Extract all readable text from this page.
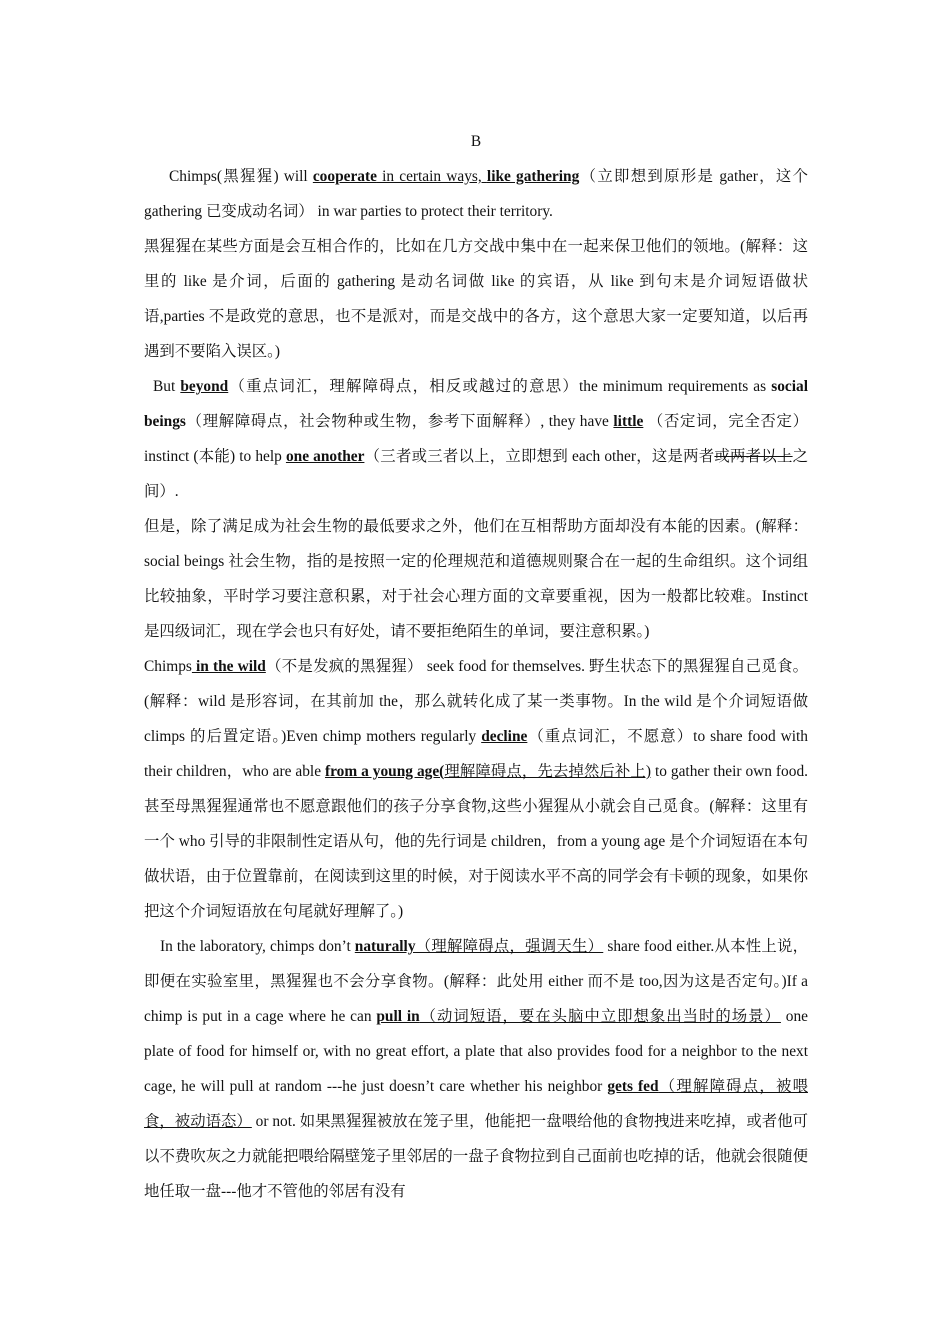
B

Chimps(黑猩猩) will cooperate in certain ways, like gathering（立即想到原形是 gather，这个 gathering 已变成动名词） in war parties to protect their territory.

黑猩猩在某些方面是会互相合作的，比如在几方交战中集中在一起来保卫他们的领地。(解释：这里的 like 是介词，后面的 gathering 是动名词做 like 的宾语，从 like 到句末是介词短语做状语,parties 不是政党的意思，也不是派对，而是交战中的各方，这个意思大家一定要知道，以后再遇到不要陷入误区。)

But beyond（重点词汇，理解障碍点，相反或越过的意思）the minimum requirements as social beings（理解障碍点，社会物种或生物，参考下面解释）, they have little （否定词，完全否定）instinct (本能) to help one another（三者或三者以上，立即想到 each other，这是两者或两者以上之间）.

但是，除了满足成为社会生物的最低要求之外，他们在互相帮助方面却没有本能的因素。(解释：social beings 社会生物，指的是按照一定的伦理规范和道德规则聚合在一起的生命组织。这个词组比较抽象，平时学习要注意积累，对于社会心理方面的文章要重视，因为一般都比较难。Instinct 是四级词汇，现在学会也只有好处，请不要拒绝陌生的单词，要注意积累。)

Chimps in the wild（不是发疯的黑猩猩） seek food for themselves. 野生状态下的黑猩猩自己觅食。(解释：wild 是形容词，在其前加 the，那么就转化成了某一类事物。In the wild 是个介词短语做 climps 的后置定语。)Even chimp mothers regularly decline（重点词汇，不愿意）to share food with their children，who are able from a young age(理解障碍点，先去掉然后补上) to gather their own food. 甚至母黑猩猩通常也不愿意跟他们的孩子分享食物,这些小猩猩从小就会自己觅食。(解释：这里有一个 who 引导的非限制性定语从句，他的先行词是 children，from a young age 是个介词短语在本句做状语，由于位置靠前，在阅读到这里的时候，对于阅读水平不高的同学会有卡顿的现象，如果你把这个介词短语放在句尾就好理解了。)

In the laboratory, chimps don’t naturally（理解障碍点，强调天生） share food either.从本性上说，即便在实验室里，黑猩猩也不会分享食物。(解释：此处用 either 而不是 too,因为这是否定句。)If a chimp is put in a cage where he can pull in（动词短语，要在头脑中立即想象出当时的场景） one plate of food for himself or, with no great effort, a plate that also provides food for a neighbor to the next cage, he will pull at random ---he just doesn’t care whether his neighbor gets fed（理解障碍点，被喂食，被动语态） or not. 如果黑猩猩被放在笼子里，他能把一盘喂给他的食物拽进来吃掉，或者他可以不费吹灰之力就能把喂给隔壁笼子里邻居的一盘子食物拉到自己面前也吃掉的话，他就会很随便地任取一盘---他才不管他的邻居有没有
